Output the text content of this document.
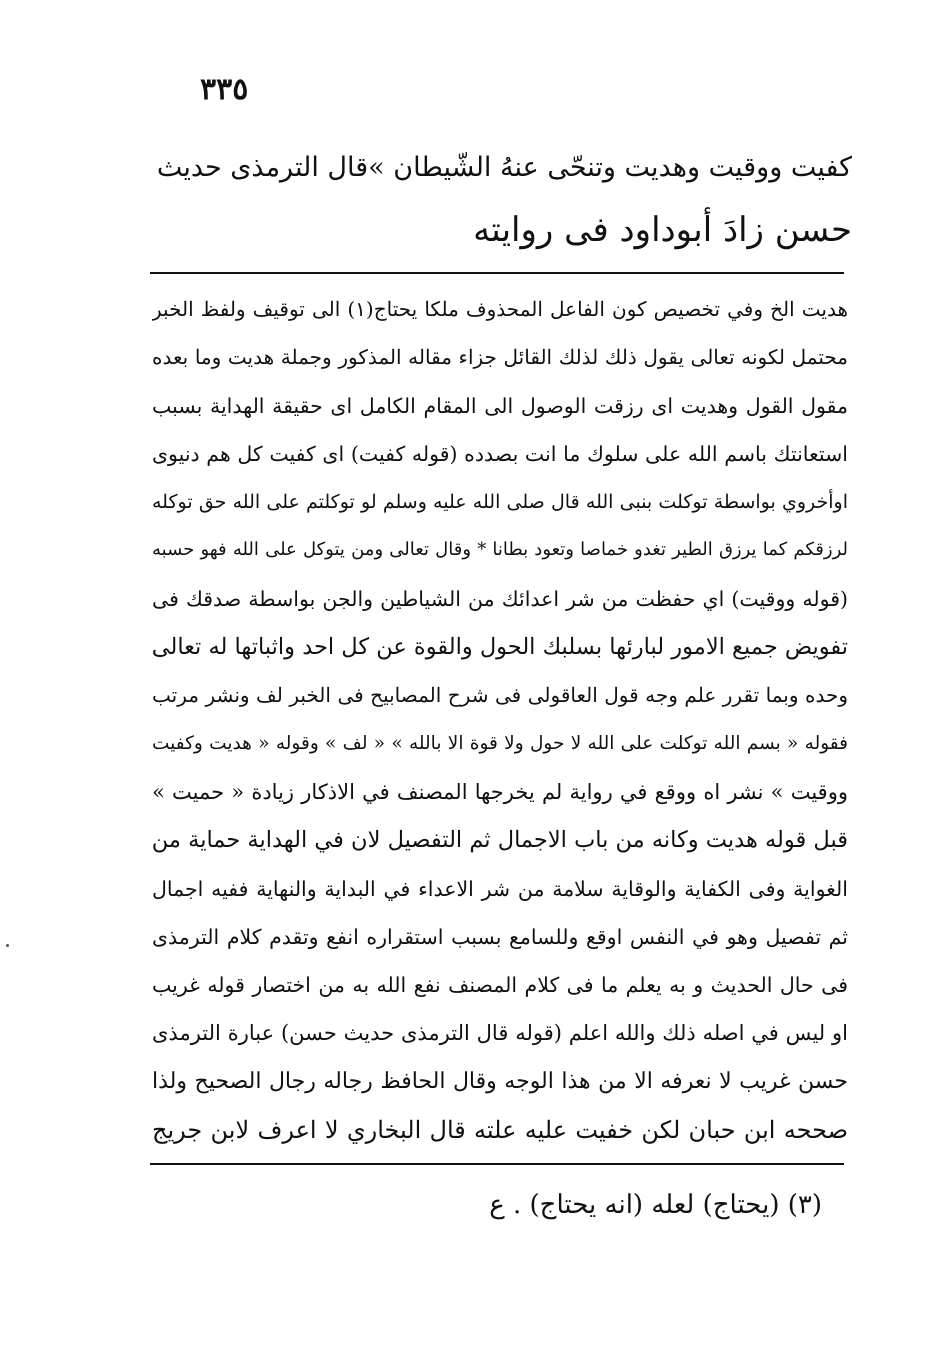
٣٣٥
كفيت ووقيت وهديت وتنحّى عنهُ الشّيطان »قال الترمذى حديث
حسن زادَ أبوداود فى روايته
هديت الخ وفي تخصيص كون الفاعل المحذوف ملكا يحتاج(١) الى توقيف ولفظ الخبر
محتمل لكونه تعالى يقول ذلك لذلك القائل جزاء مقاله المذكور وجملة هديت وما بعده
مقول القول وهديت اى رزقت الوصول الى المقام الكامل اى حقيقة الهداية بسبب
استعانتك باسم الله على سلوك ما انت بصدده (قوله كفيت) اى كفيت كل هم دنيوى
اوأخروي بواسطة توكلت بنبى الله قال صلى الله عليه وسلم لو توكلتم على الله حق توكله
لرزقكم كما يرزق الطير تغدو خماصا وتعود بطانا * وقال تعالى ومن يتوكل على الله فهو حسبه
(قوله ووقيت) اي حفظت من شر اعدائك من الشياطين والجن بواسطة صدقك فى
تفويض جميع الامور لبارئها بسلبك الحول والقوة عن كل احد واثباتها له تعالى
وحده وبما تقرر علم وجه قول العاقولى فى شرح المصابيح فى الخبر لف ونشر مرتب
فقوله « بسم الله توكلت على الله لا حول ولا قوة الا بالله » « لف » وقوله « هديت وكفيت
ووقيت » نشر اه ووقع في رواية لم يخرجها المصنف في الاذكار زيادة « حميت »
قبل قوله هديت وكانه من باب الاجمال ثم التفصيل لان في الهداية حماية من
الغواية وفى الكفاية والوقاية سلامة من شر الاعداء في البداية والنهاية ففيه اجمال
ثم تفصيل وهو في النفس اوقع وللسامع بسبب استقراره انفع وتقدم كلام الترمذى
فى حال الحديث و به يعلم ما فى كلام المصنف نفع الله به من اختصار قوله غريب
او ليس في اصله ذلك والله اعلم (قوله قال الترمذى حديث حسن) عبارة الترمذى
حسن غريب لا نعرفه الا من هذا الوجه وقال الحافظ رجاله رجال الصحيح ولذا
صححه ابن حبان لكن خفيت عليه علته قال البخاري لا اعرف لابن جريج
(٣) (يحتاج) لعله (انه يحتاج) . ع
